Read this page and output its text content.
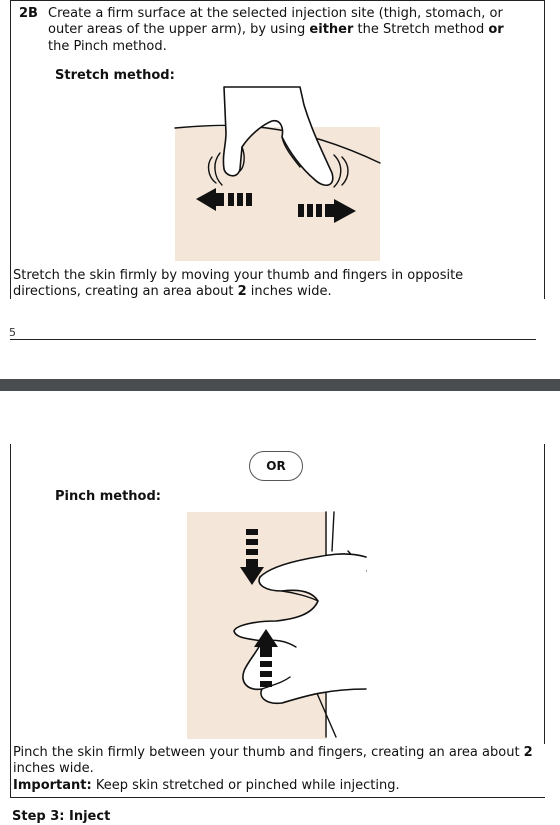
2B Create a firm surface at the selected injection site (thigh, stomach, or outer areas of the upper arm), by using either the Stretch method or the Pinch method.
Stretch method:
Stretch the skin firmly by moving your thumb and fingers in opposite directions, creating an area about 2 inches wide.
5
OR
Pinch method:
Pinch the skin firmly between your thumb and fingers, creating an area about 2 inches wide.
Important: Keep skin stretched or pinched while injecting.
Step 3: Inject
